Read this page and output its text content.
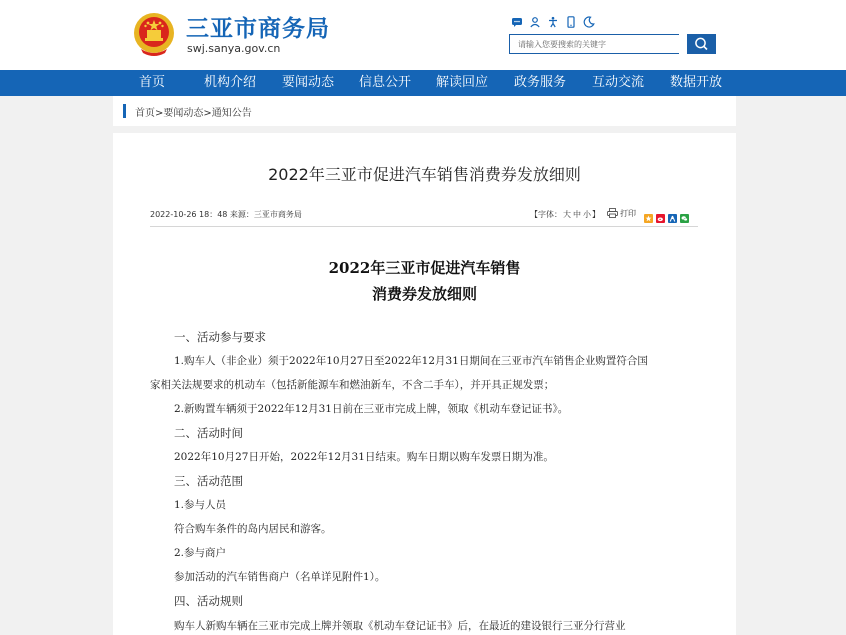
三亚市商务局
swj.sanya.gov.cn
请输入您要搜索的关键字
首页	机构介绍 要闻动态 信息公开 解读回应 政务服务 互动交流 数据开放
首页>要闻动态>通知公告
2022年三亚市促进汽车销售消费券发放细则
2022-10-26 18：48 来源：三亚市商务局	【字体：大 中 小】	打印
2022年三亚市促进汽车销售
消费券发放细则
一、活动参与要求
1.购车人（非企业）须于2022年10月27日至2022年12月31日期间在三亚市汽车销售企业购置符合国
家相关法规要求的机动车（包括新能源车和燃油新车，不含二手车），并开具正规发票；
2.新购置车辆须于2022年12月31日前在三亚市完成上牌，领取《机动车登记证书》。
二、活动时间
2022年10月27日开始，2022年12月31日结束。购车日期以购车发票日期为准。
三、活动范围
1.参与人员
符合购车条件的岛内居民和游客。
2.参与商户
参加活动的汽车销售商户（名单详见附件1）。
四、活动规则
购车人新购车辆在三亚市完成上牌并领取《机动车登记证书》后，在最近的建设银行三亚分行营业
